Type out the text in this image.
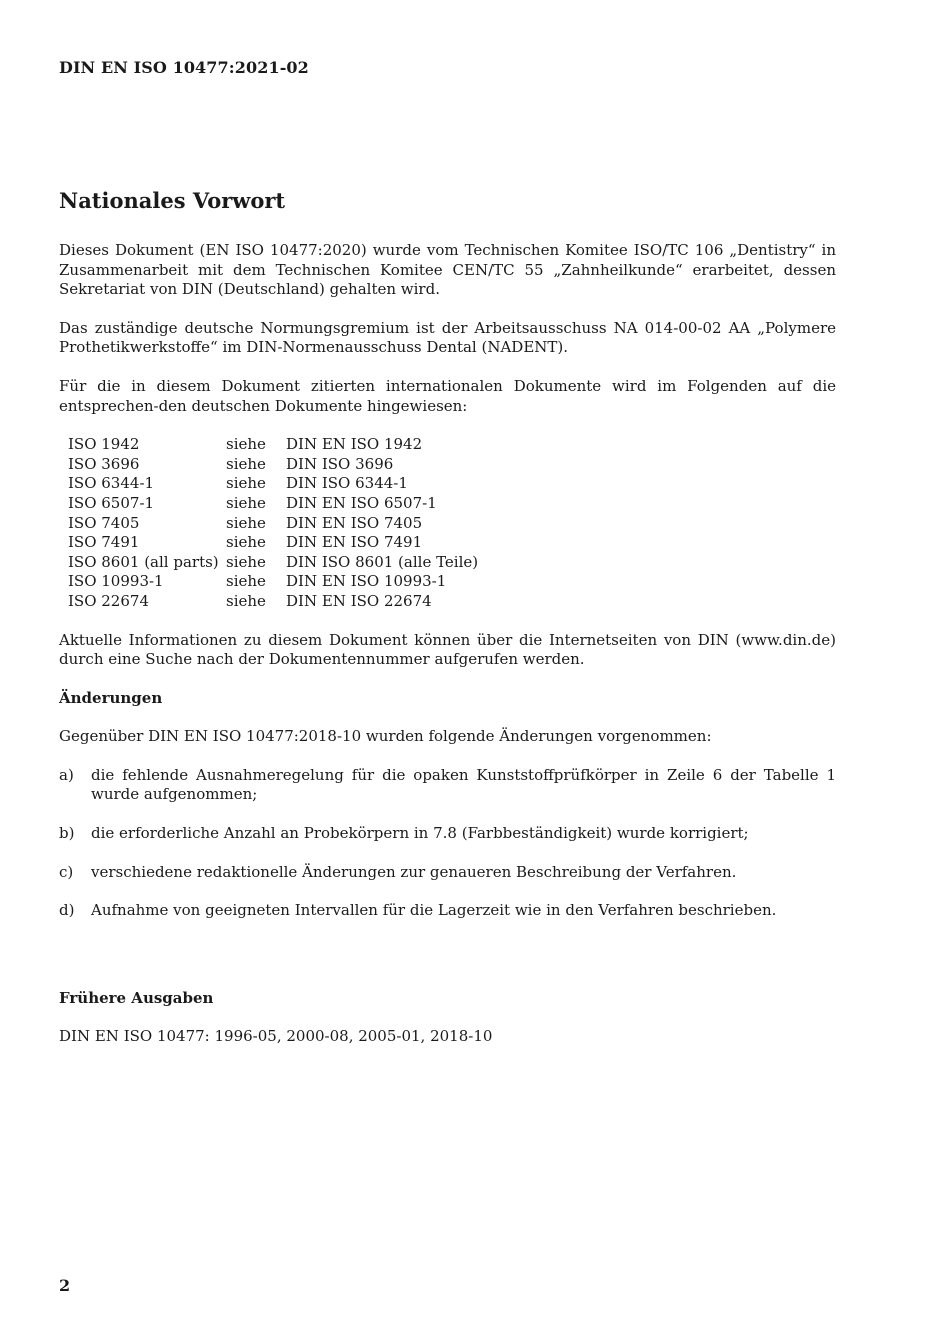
DIN EN ISO 10477:2021-02
Nationales Vorwort

Dieses Dokument (EN ISO 10477:2020) wurde vom Technischen Komitee ISO/TC 106 „Dentistry“ in Zusammenarbeit mit dem Technischen Komitee CEN/TC 55 „Zahnheilkunde“ erarbeitet, dessen Sekretariat von DIN (Deutschland) gehalten wird.

Das zuständige deutsche Normungsgremium ist der Arbeitsausschuss NA 014-00-02 AA „Polymere Prothetikwerkstoffe“ im DIN-Normenausschuss Dental (NADENT).

Für die in diesem Dokument zitierten internationalen Dokumente wird im Folgenden auf die entsprechen-den deutschen Dokumente hingewiesen:

ISO 1942	siehe	DIN EN ISO 1942
ISO 3696	siehe	DIN ISO 3696
ISO 6344-1	siehe	DIN ISO 6344-1
ISO 6507-1	siehe	DIN EN ISO 6507-1
ISO 7405	siehe	DIN EN ISO 7405
ISO 7491	siehe	DIN EN ISO 7491
ISO 8601 (all parts)	siehe	DIN ISO 8601 (alle Teile)
ISO 10993-1	siehe	DIN EN ISO 10993-1
ISO 22674	siehe	DIN EN ISO 22674

Aktuelle Informationen zu diesem Dokument können über die Internetseiten von DIN (www.din.de) durch eine Suche nach der Dokumentennummer aufgerufen werden.

Änderungen

Gegenüber DIN EN ISO 10477:2018-10 wurden folgende Änderungen vorgenommen:

a)	die fehlende Ausnahmeregelung für die opaken Kunststoffprüfkörper in Zeile 6 der Tabelle 1 wurde aufgenommen;
b)	die erforderliche Anzahl an Probekörpern in 7.8 (Farbbeständigkeit) wurde korrigiert;
c)	verschiedene redaktionelle Änderungen zur genaueren Beschreibung der Verfahren.
d)	Aufnahme von geeigneten Intervallen für die Lagerzeit wie in den Verfahren beschrieben.
Frühere Ausgaben

DIN EN ISO 10477: 1996-05, 2000-08, 2005-01, 2018-10

2
